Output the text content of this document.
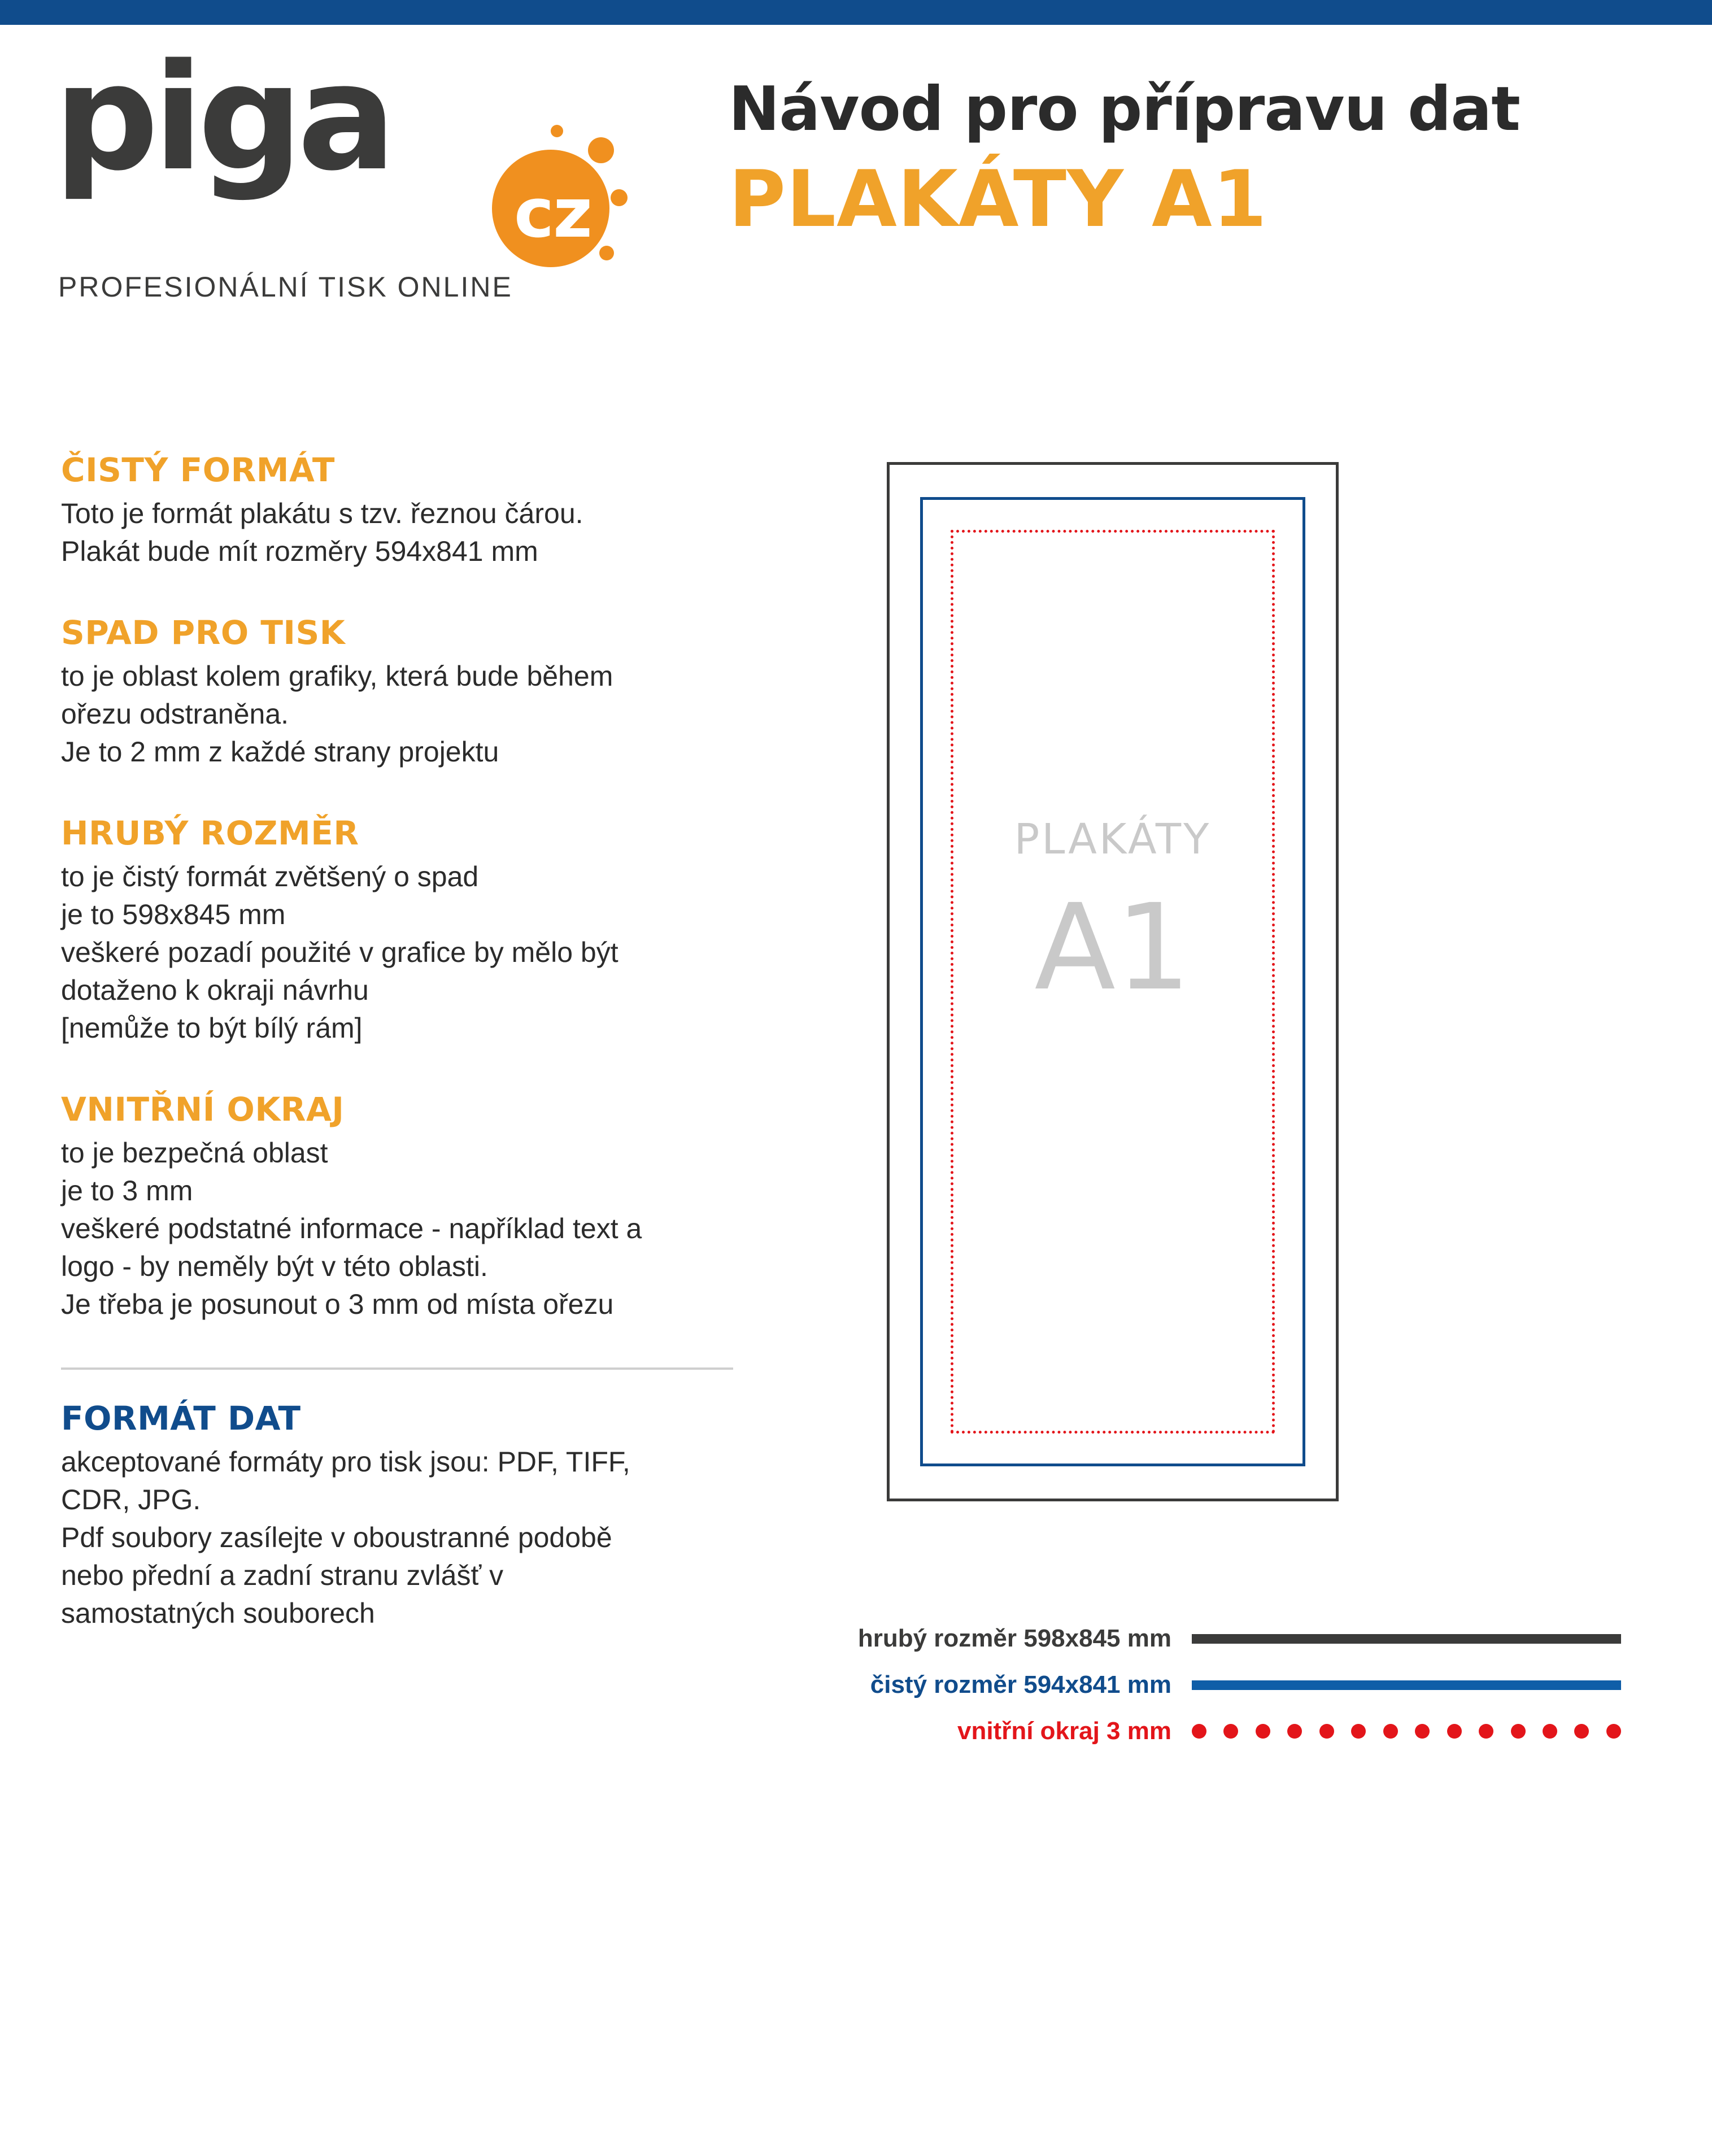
piga
cz
PROFESIONÁLNÍ TISK ONLINE
Návod pro přípravu dat
PLAKÁTY A1
ČISTÝ FORMÁT

Toto je formát plakátu s tzv. řeznou čárou.

Plakát bude mít rozměry 594x841 mm

SPAD PRO TISK

to je oblast kolem grafiky, která bude během

ořezu odstraněna.

Je to 2 mm z každé strany projektu

HRUBÝ ROZMĚR

to je čistý formát zvětšený o spad

je to 598x845 mm

veškeré pozadí použité v grafice by mělo být

dotaženo k okraji návrhu

[nemůže to být bílý rám]

VNITŘNÍ OKRAJ

to je bezpečná oblast

je to 3 mm

veškeré podstatné informace - například text a

logo - by neměly být v této oblasti.

Je třeba je posunout o 3 mm od místa ořezu

FORMÁT DAT

akceptované formáty pro tisk jsou: PDF, TIFF,

CDR, JPG.

Pdf soubory zasílejte v oboustranné podobě

nebo přední a zadní stranu zvlášť v

samostatných souborech

PLAKÁTY
A1
hrubý rozměr 598x845 mm
čistý rozměr 594x841 mm
vnitřní okraj 3 mm
